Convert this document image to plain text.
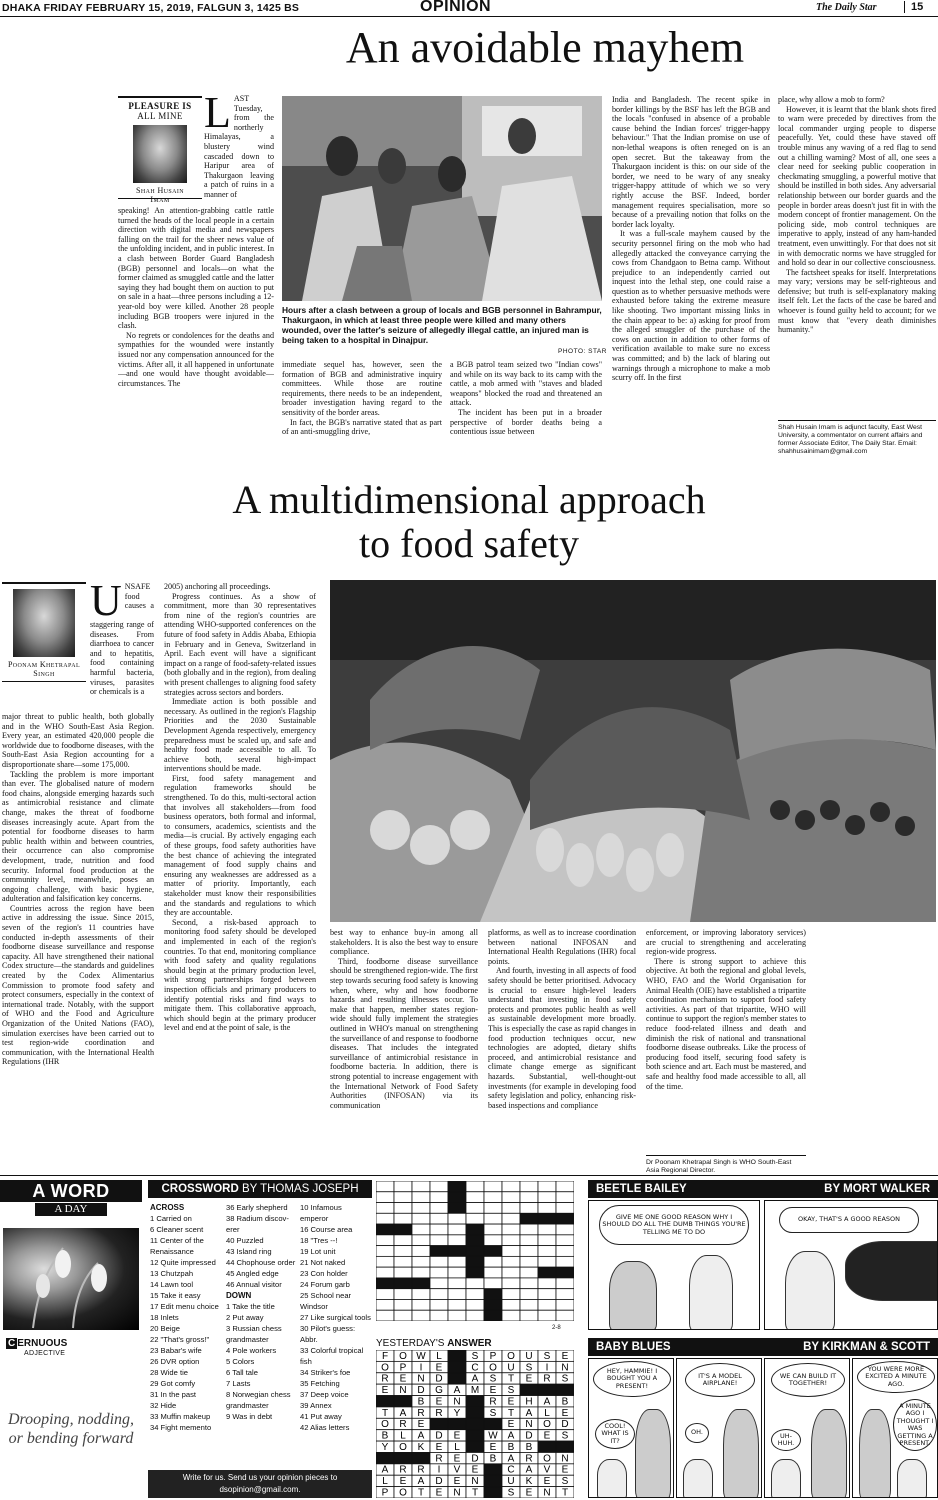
DHAKA FRIDAY FEBRUARY 15, 2019, FALGUN 3, 1425 BS	OPINION	The Daily Star	15
An avoidable mayhem
PLEASURE IS
ALL MINE
Shah Husain
Imam
LAST Tuesday, from the northerly Himalayas, a blustery wind cascaded down to Haripur area of Thakurgaon leaving a patch of ruins in a manner of

speaking! An attention-grabbing cattle rattle turned the heads of the local people in a certain direction with digital media and newspapers falling on the trail for the sheer news value of the unfolding incident, and in public interest. In a clash between Border Guard Bangladesh (BGB) personnel and locals—on what the former claimed as smuggled cattle and the latter saying they had bought them on auction to put on sale in a haat—three persons including a 12-year-old boy were killed. Another 28 people including BGB troopers were injured in the clash.

No regrets or condolences for the deaths and sympathies for the wounded were instantly issued nor any compensation announced for the victims. After all, it all happened in unfortunate—and one would have thought avoidable—circumstances. The

Hours after a clash between a group of locals and BGB personnel in Bahrampur, Thakurgaon, in which at least three people were killed and many others wounded, over the latter's seizure of allegedly illegal cattle, an injured man is being taken to a hospital in Dinajpur.
PHOTO: STAR

immediate sequel has, however, seen the formation of BGB and administrative inquiry committees. While those are routine requirements, there needs to be an independent, broader investigation having regard to the sensitivity of the border areas.

In fact, the BGB's narrative stated that as part of an anti-smuggling drive,

a BGB patrol team seized two "Indian cows" and while on its way back to its camp with the cattle, a mob armed with "staves and bladed weapons" blocked the road and threatened an attack.

The incident has been put in a broader perspective of border deaths being a contentious issue between

India and Bangladesh. The recent spike in border killings by the BSF has left the BGB and the locals "confused in absence of a probable cause behind the Indian forces' trigger-happy behaviour." That the Indian promise on use of non-lethal weapons is often reneged on is an open secret. But the takeaway from the Thakurgaon incident is this: on our side of the border, we need to be wary of any sneaky trigger-happy attitude of which we so very rightly accuse the BSF. Indeed, border management requires specialisation, more so because of a prevailing notion that folks on the border lack loyalty.

It was a full-scale mayhem caused by the security personnel firing on the mob who had allegedly attacked the conveyance carrying the cows from Chandgaon to Betna camp. Without prejudice to an independently carried out inquest into the lethal step, one could raise a question as to whether persuasive methods were exhausted before taking the extreme measure like shooting. Two important missing links in the chain appear to be: a) asking for proof from the alleged smuggler of the purchase of the cows on auction in addition to other forms of verification available to make sure no excess was committed; and b) the lack of blaring out warnings through a microphone to make a mob scurry off. In the first

place, why allow a mob to form?

However, it is learnt that the blank shots fired to warn were preceded by directives from the local commander urging people to disperse peacefully. Yet, could these have staved off trouble minus any waving of a red flag to send out a chilling warning? Most of all, one sees a clear need for seeking public cooperation in checkmating smuggling, a powerful motive that should be instilled in both sides. Any adversarial relationship between our border guards and the people in border areas doesn't just fit in with the modern concept of frontier management. On the policing side, mob control techniques are imperative to apply, instead of any ham-handed treatment, even unwittingly. For that does not sit in with democratic norms we have struggled for and hold so dear in our collective consciousness.

The factsheet speaks for itself. Interpretations may vary; versions may be self-righteous and defensive; but truth is self-explanatory making itself felt. Let the facts of the case be bared and whoever is found guilty held to account; for we must know that "every death diminishes humanity."

Shah Husain Imam is adjunct faculty, East West University, a commentator on current affairs and former Associate Editor, The Daily Star. Email: shahhusainimam@gmail.com
A multidimensional approach
to food safety
Poonam Khetrapal
Singh
UNSAFE food causes a staggering range of diseases. From diarrhoea to cancer and to hepatitis, food containing harmful bacteria, viruses, parasites or chemicals is a

major threat to public health, both globally and in the WHO South-East Asia Region. Every year, an estimated 420,000 people die worldwide due to foodborne diseases, with the South-East Asia Region accounting for a disproportionate share—some 175,000.

Tackling the problem is more important than ever. The globalised nature of modern food chains, alongside emerging hazards such as antimicrobial resistance and climate change, makes the threat of foodborne diseases increasingly acute. Apart from the potential for foodborne diseases to harm public health within and between countries, their occurrence can also compromise development, trade, nutrition and food security. Informal food production at the community level, meanwhile, poses an ongoing challenge, with basic hygiene, adulteration and falsification key concerns.

Countries across the region have been active in addressing the issue. Since 2015, seven of the region's 11 countries have conducted in-depth assessments of their foodborne disease surveillance and response capacity. All have strengthened their national Codex structure—the standards and guidelines created by the Codex Alimentarius Commission to promote food safety and protect consumers, especially in the context of international trade. Notably, with the support of WHO and the Food and Agriculture Organization of the United Nations (FAO), simulation exercises have been carried out to test region-wide coordination and communication, with the International Health Regulations (IHR

2005) anchoring all proceedings.

Progress continues. As a show of commitment, more than 30 representatives from nine of the region's countries are attending WHO-supported conferences on the future of food safety in Addis Ababa, Ethiopia in February and in Geneva, Switzerland in April. Each event will have a significant impact on a range of food-safety-related issues (both globally and in the region), from dealing with present challenges to aligning food safety strategies across sectors and borders.

Immediate action is both possible and necessary. As outlined in the region's Flagship Priorities and the 2030 Sustainable Development Agenda respectively, emergency preparedness must be scaled up, and safe and healthy food made accessible to all. To achieve both, several high-impact interventions should be made.

First, food safety management and regulation frameworks should be strengthened. To do this, multi-sectoral action that involves all stakeholders—from food business operators, both formal and informal, to consumers, academics, scientists and the media—is crucial. By actively engaging each of these groups, food safety authorities have the best chance of achieving the integrated management of food supply chains and ensuring any weaknesses are addressed as a matter of priority. Importantly, each stakeholder must know their responsibilities and the standards and regulations to which they are accountable.

Second, a risk-based approach to monitoring food safety should be developed and implemented in each of the region's countries. To that end, monitoring compliance with food safety and quality regulations should begin at the primary production level, with strong partnerships forged between inspection officials and primary producers to identify potential risks and find ways to mitigate them. This collaborative approach, which should begin at the primary producer level and end at the point of sale, is the

best way to enhance buy-in among all stakeholders. It is also the best way to ensure compliance.

Third, foodborne disease surveillance should be strengthened region-wide. The first step towards securing food safety is knowing when, where, why and how foodborne hazards and resulting illnesses occur. To make that happen, member states region-wide should fully implement the strategies outlined in WHO's manual on strengthening the surveillance of and response to foodborne diseases. That includes the integrated surveillance of antimicrobial resistance in foodborne bacteria. In addition, there is strong potential to increase engagement with the International Network of Food Safety Authorities (INFOSAN) via its communication

platforms, as well as to increase coordination between national INFOSAN and International Health Regulations (IHR) focal points.

And fourth, investing in all aspects of food safety should be better prioritised. Advocacy is crucial to ensure high-level leaders understand that investing in food safety protects and promotes public health as well as sustainable development more broadly. This is especially the case as rapid changes in food production techniques occur, new technologies are adopted, dietary shifts proceed, and antimicrobial resistance and climate change emerge as significant hazards. Substantial, well-thought-out investments (for example in developing food safety legislation and policy, enhancing risk-based inspections and compliance

enforcement, or improving laboratory services) are crucial to strengthening and accelerating region-wide progress.

There is strong support to achieve this objective. At both the regional and global levels, WHO, FAO and the World Organisation for Animal Health (OIE) have established a tripartite coordination mechanism to support food safety activities. As part of that tripartite, WHO will continue to support the region's member states to reduce food-related illness and death and diminish the risk of national and transnational foodborne disease outbreaks. Like the process of producing food itself, securing food safety is both science and art. Each must be mastered, and safe and healthy food made accessible to all, all of the time.

Dr Poonam Khetrapal Singh is WHO South-East Asia Regional Director.
A WORD
A DAY
C ERNUOUS
ADJECTIVE
Drooping, nodding, or bending forward
CROSSWORD BY THOMAS JOSEPH
ACROSS
1 Carried on
6 Cleaner scent
11 Center of the
Renaissance
12 Quite impressed
13 Chutzpah
14 Lawn tool
15 Take it easy
17 Edit menu choice
18 Inlets
20 Beige
22 "That's gross!"
23 Babar's wife
26 DVR option
28 Wide tie
29 Got comfy
31 In the past
32 Hide
33 Muffin makeup
34 Fight memento
36 Early shepherd
38 Radium discov-
erer
40 Puzzled
43 Island ring
44 Chophouse order
45 Angled edge
46 Annual visitor
DOWN
1 Take the title
2 Put away
3 Russian chess
grandmaster
4 Pole workers
5 Colors
6 Tall tale
7 Lasts
8 Norwegian chess
grandmaster
9 Was in debt
10 Infamous
emperor
16 Course area
18 "Tres --!
19 Lot unit
21 Not naked
23 Con holder
24 Forum garb
25 School near
Windsor
27 Like surgical tools
30 Pilot's guess:
Abbr.
33 Colorful tropical
fish
34 Striker's foe
35 Fetching
37 Deep voice
39 Annex
41 Put away
42 Alias letters
Write for us. Send us your opinion pieces to
dsopinion@gmail.com.
2-8
YESTERDAY'S ANSWER
F O W L	S P O U S E
O P I E	C O U S I N
R E N D	A S T E R S
E N D G A M E S
B E N	R E H A B
T A R R Y	S T A L E
O R E	E N O D
B L A D E	W A D E S
Y O K E L	E B B
R E D B A R O N
A R R I V E	C A V E
L E A D E N	U K E S
P O T E N T	S E N T
BEETLE BAILEY	BY MORT WALKER
GIVE ME ONE GOOD REASON WHY I SHOULD DO ALL THE DUMB THINGS YOU'RE TELLING ME TO DO
OKAY, THAT'S A GOOD REASON
BABY BLUES	BY KIRKMAN & SCOTT
HEY, HAMMIE! I BOUGHT YOU A PRESENT!
COOL! WHAT IS IT?
IT'S A MODEL AIRPLANE!
OH.
WE CAN BUILD IT TOGETHER!
UH-HUH.
YOU WERE MORE EXCITED A MINUTE AGO.
A MINUTE AGO I THOUGHT I WAS GETTING A PRESENT.
